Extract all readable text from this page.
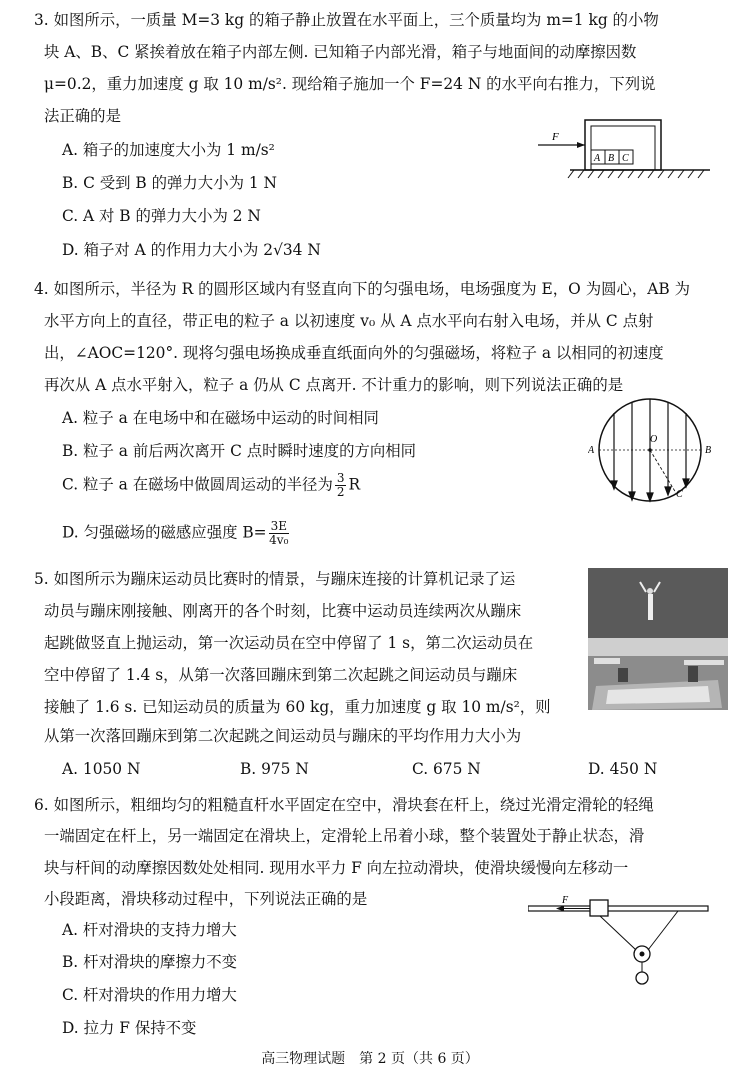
3. 如图所示，一质量 M=3 kg 的箱子静止放置在水平面上，三个质量均为 m=1 kg 的小物
块 A、B、C 紧挨着放在箱子内部左侧. 已知箱子内部光滑，箱子与地面间的动摩擦因数
μ=0.2，重力加速度 g 取 10 m/s². 现给箱子施加一个 F=24 N 的水平向右推力，下列说
法正确的是
A. 箱子的加速度大小为 1 m/s²
B. C 受到 B 的弹力大小为 1 N
C. A 对 B 的弹力大小为 2 N
D. 箱子对 A 的作用力大小为 2√34 N
A B C
F
4. 如图所示，半径为 R 的圆形区域内有竖直向下的匀强电场，电场强度为 E，O 为圆心，AB 为
水平方向上的直径，带正电的粒子 a 以初速度 v₀ 从 A 点水平向右射入电场，并从 C 点射
出，∠AOC=120°. 现将匀强电场换成垂直纸面向外的匀强磁场，将粒子 a 以相同的初速度
再次从 A 点水平射入，粒子 a 仍从 C 点离开. 不计重力的影响，则下列说法正确的是
A. 粒子 a 在电场中和在磁场中运动的时间相同
B. 粒子 a 前后两次离开 C 点时瞬时速度的方向相同
C. 粒子 a 在磁场中做圆周运动的半径为 $\frac{3}{2}$ R
D. 匀强磁场的磁感应强度 $B= \frac{3E}{\text{4v₀}}$
A
O
B
C
5. 如图所示为蹦床运动员比赛时的情景，与蹦床连接的计算机记录了运
动员与蹦床刚接触、刚离开的各个时刻，比赛中运动员连续两次从蹦床
起跳做竖直上抛运动，第一次运动员在空中停留了 1 s，第二次运动员在
空中停留了 1.4 s，从第一次落回蹦床到第二次起跳之间运动员与蹦床
接触了 1.6 s. 已知运动员的质量为 60 kg，重力加速度 g 取 10 m/s²，则
从第一次落回蹦床到第二次起跳之间运动员与蹦床的平均作用力大小为
A. 1050 N	B. 975 N	C. 675 N	D. 450 N
6. 如图所示，粗细均匀的粗糙直杆水平固定在空中，滑块套在杆上，绕过光滑定滑轮的轻绳
一端固定在杆上，另一端固定在滑块上，定滑轮上吊着小球，整个装置处于静止状态，滑
块与杆间的动摩擦因数处处相同. 现用水平力 F 向左拉动滑块，使滑块缓慢向左移动一
小段距离，滑块移动过程中，下列说法正确的是
A. 杆对滑块的支持力增大
B. 杆对滑块的摩擦力不变
C. 杆对滑块的作用力增大
D. 拉力 F 保持不变
F
高三物理试题　第 2 页（共 6 页）
